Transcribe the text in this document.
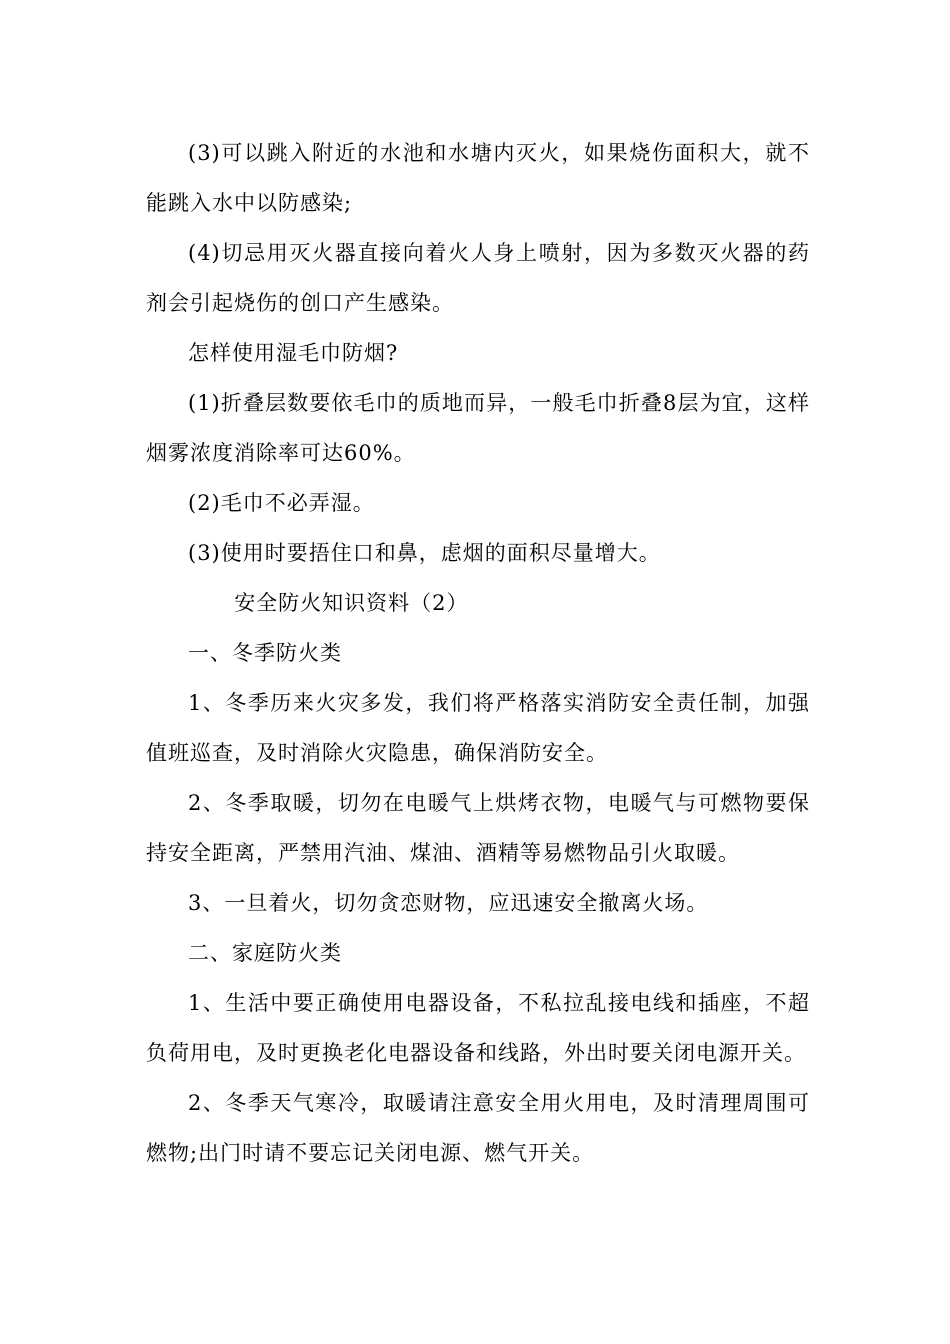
(3)可以跳入附近的水池和水塘内灭火，如果烧伤面积大，就不能跳入水中以防感染;

(4)切忌用灭火器直接向着火人身上喷射，因为多数灭火器的药剂会引起烧伤的创口产生感染。

怎样使用湿毛巾防烟?

(1)折叠层数要依毛巾的质地而异，一般毛巾折叠8层为宜，这样烟雾浓度消除率可达60%。

(2)毛巾不必弄湿。

(3)使用时要捂住口和鼻，虑烟的面积尽量增大。

安全防火知识资料（2）

一、冬季防火类

1、冬季历来火灾多发，我们将严格落实消防安全责任制，加强值班巡查，及时消除火灾隐患，确保消防安全。

2、冬季取暖，切勿在电暖气上烘烤衣物，电暖气与可燃物要保持安全距离，严禁用汽油、煤油、酒精等易燃物品引火取暖。

3、一旦着火，切勿贪恋财物，应迅速安全撤离火场。

二、家庭防火类

1、生活中要正确使用电器设备，不私拉乱接电线和插座，不超负荷用电，及时更换老化电器设备和线路，外出时要关闭电源开关。

2、冬季天气寒冷，取暖请注意安全用火用电，及时清理周围可燃物;出门时请不要忘记关闭电源、燃气开关。
